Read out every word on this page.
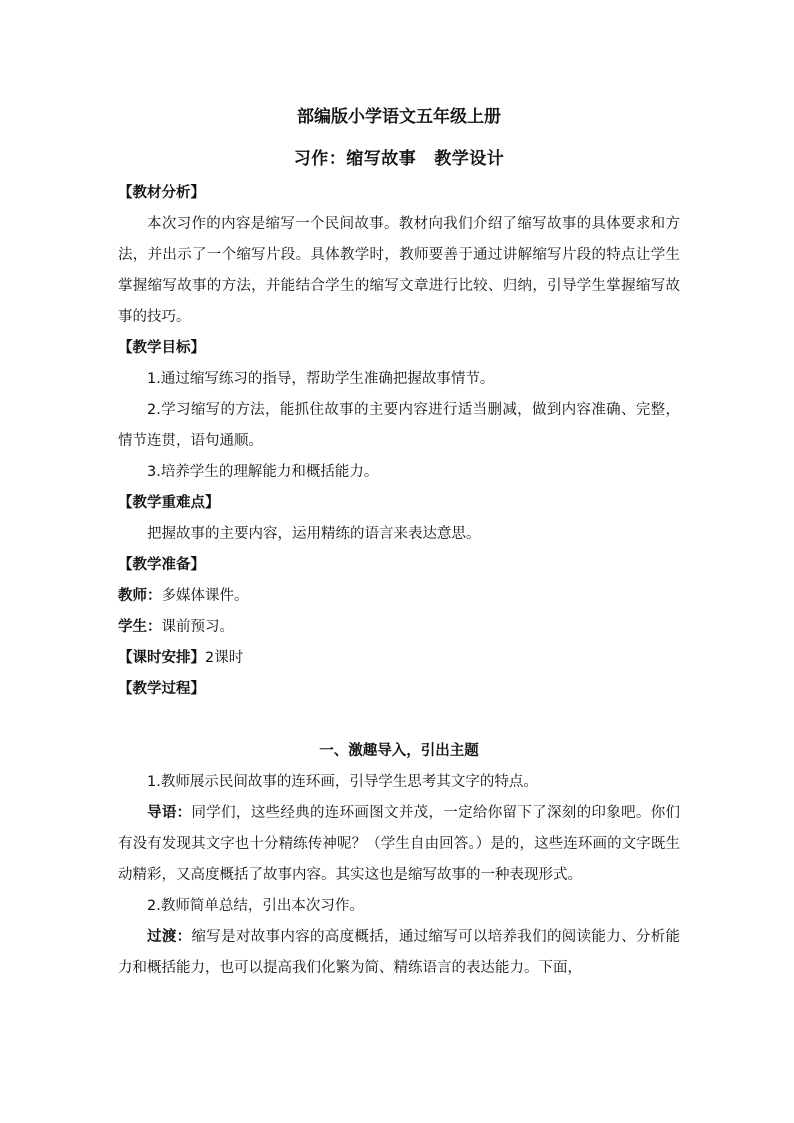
部编版小学语文五年级上册

习作：缩写故事 教学设计

【教材分析】

本次习作的内容是缩写一个民间故事。教材向我们介绍了缩写故事的具体要求和方法，并出示了一个缩写片段。具体教学时，教师要善于通过讲解缩写片段的特点让学生掌握缩写故事的方法，并能结合学生的缩写文章进行比较、归纳，引导学生掌握缩写故事的技巧。

【教学目标】

1.通过缩写练习的指导，帮助学生准确把握故事情节。

2.学习缩写的方法，能抓住故事的主要内容进行适当删减，做到内容准确、完整，情节连贯，语句通顺。

3.培养学生的理解能力和概括能力。

【教学重难点】

把握故事的主要内容，运用精练的语言来表达意思。

【教学准备】

教师：多媒体课件。

学生：课前预习。

【课时安排】2课时

【教学过程】

一、激趣导入，引出主题

1.教师展示民间故事的连环画，引导学生思考其文字的特点。

导语：同学们，这些经典的连环画图文并茂，一定给你留下了深刻的印象吧。你们有没有发现其文字也十分精练传神呢？（学生自由回答。）是的，这些连环画的文字既生动精彩，又高度概括了故事内容。其实这也是缩写故事的一种表现形式。

2.教师简单总结，引出本次习作。

过渡：缩写是对故事内容的高度概括，通过缩写可以培养我们的阅读能力、分析能力和概括能力，也可以提高我们化繁为简、精练语言的表达能力。下面，
